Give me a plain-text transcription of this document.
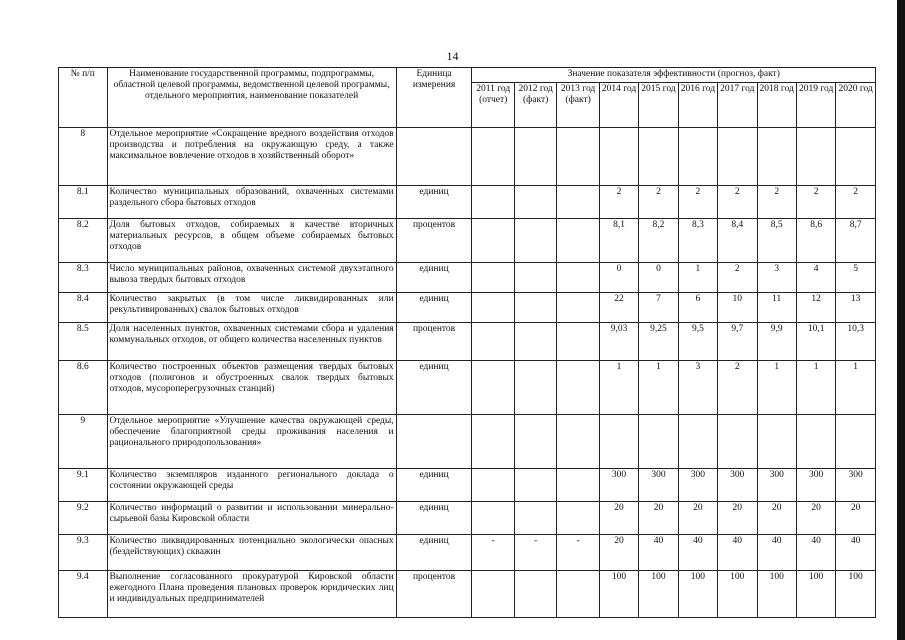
14
№ п/п	Наименование государственной программы, подпрограммы, областной целевой программы, ведомственной целевой программы, отдельного мероприятия, наименование показателей	Единица измерения	Значение показателя эффективности (прогноз, факт)									
			2011 год (отчет)	2012 год (факт)	2013 год (факт)	2014 год	2015 год	2016 год	2017 год	2018 год	2019 год	2020 год
8	Отдельное мероприятие «Сокращение вредного воздействия отходов производства и потребления на окружающую среду, а также максимальное вовлечение отходов в хозяйственный оборот»											
8.1	Количество муниципальных образований, охваченных системами раздельного сбора бытовых отходов	единиц				2	2	2	2	2	2	2
8.2	Доля бытовых отходов, собираемых в качестве вторичных материальных ресурсов, в общем объеме собираемых бытовых отходов	процентов				8,1	8,2	8,3	8,4	8,5	8,6	8,7
8.3	Число муниципальных районов, охваченных системой двухэтапного вывоза твердых бытовых отходов	единиц				0	0	1	2	3	4	5
8.4	Количество закрытых (в том числе ликвидированных или рекультивированных) свалок бытовых отходов	единиц				22	7	6	10	11	12	13
8.5	Доля населенных пунктов, охваченных системами сбора и удаления коммунальных отходов, от общего количества населенных пунктов	процентов				9,03	9,25	9,5	9,7	9,9	10,1	10,3
8.6	Количество построенных объектов размещения твердых бытовых отходов (полигонов и обустроенных свалок твердых бытовых отходов, мусороперегрузочных станций)	единиц				1	1	3	2	1	1	1
9	Отдельное мероприятие «Улучшение качества окружающей среды, обеспечение благоприятной среды проживания населения и рационального природопользования»											
9.1	Количество экземпляров изданного регионального доклада о состоянии окружающей среды	единиц				300	300	300	300	300	300	300
9.2	Количество информаций о развитии и использовании минерально-сырьевой базы Кировской области	единиц				20	20	20	20	20	20	20
9.3	Количество ликвидированных потенциально экологически опасных (бездействующих) скважин	единиц	-	-	-	20	40	40	40	40	40	40
9.4	Выполнение согласованного прокуратурой Кировской области ежегодного Плана проведения плановых проверок юридических лиц и индивидуальных предпринимателей	процентов				100	100	100	100	100	100	100
